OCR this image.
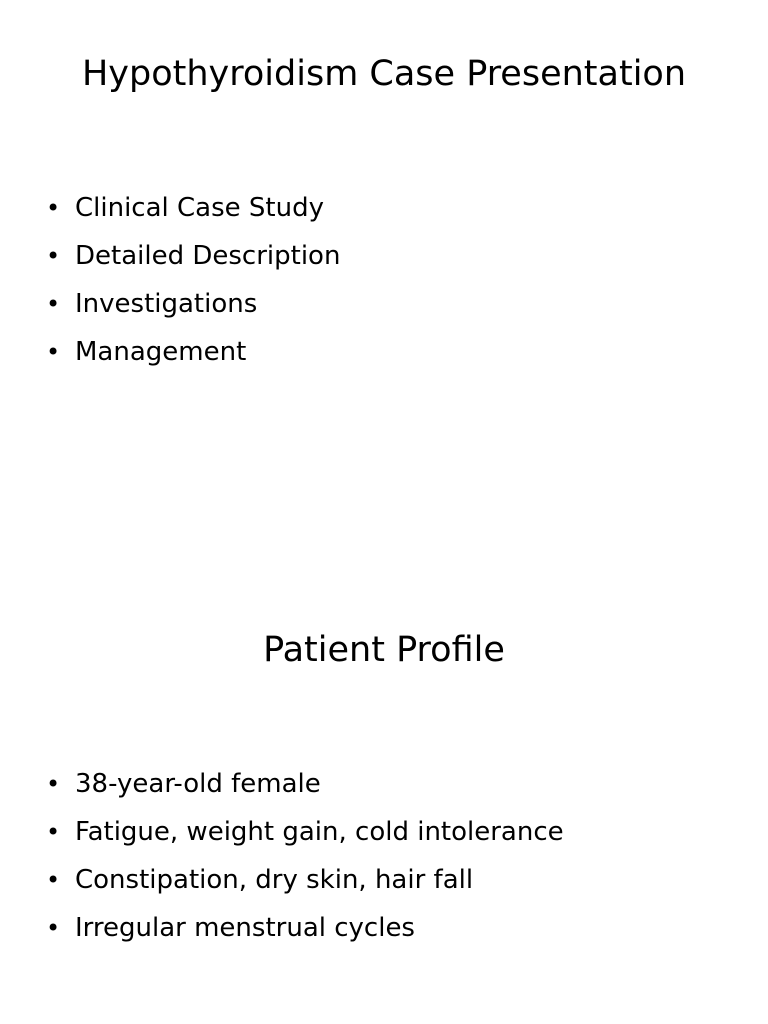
Hypothyroidism Case Presentation
• Clinical Case Study
• Detailed Description
• Investigations
• Management
Patient Profile
• 38-year-old female
• Fatigue, weight gain, cold intolerance
• Constipation, dry skin, hair fall
• Irregular menstrual cycles
